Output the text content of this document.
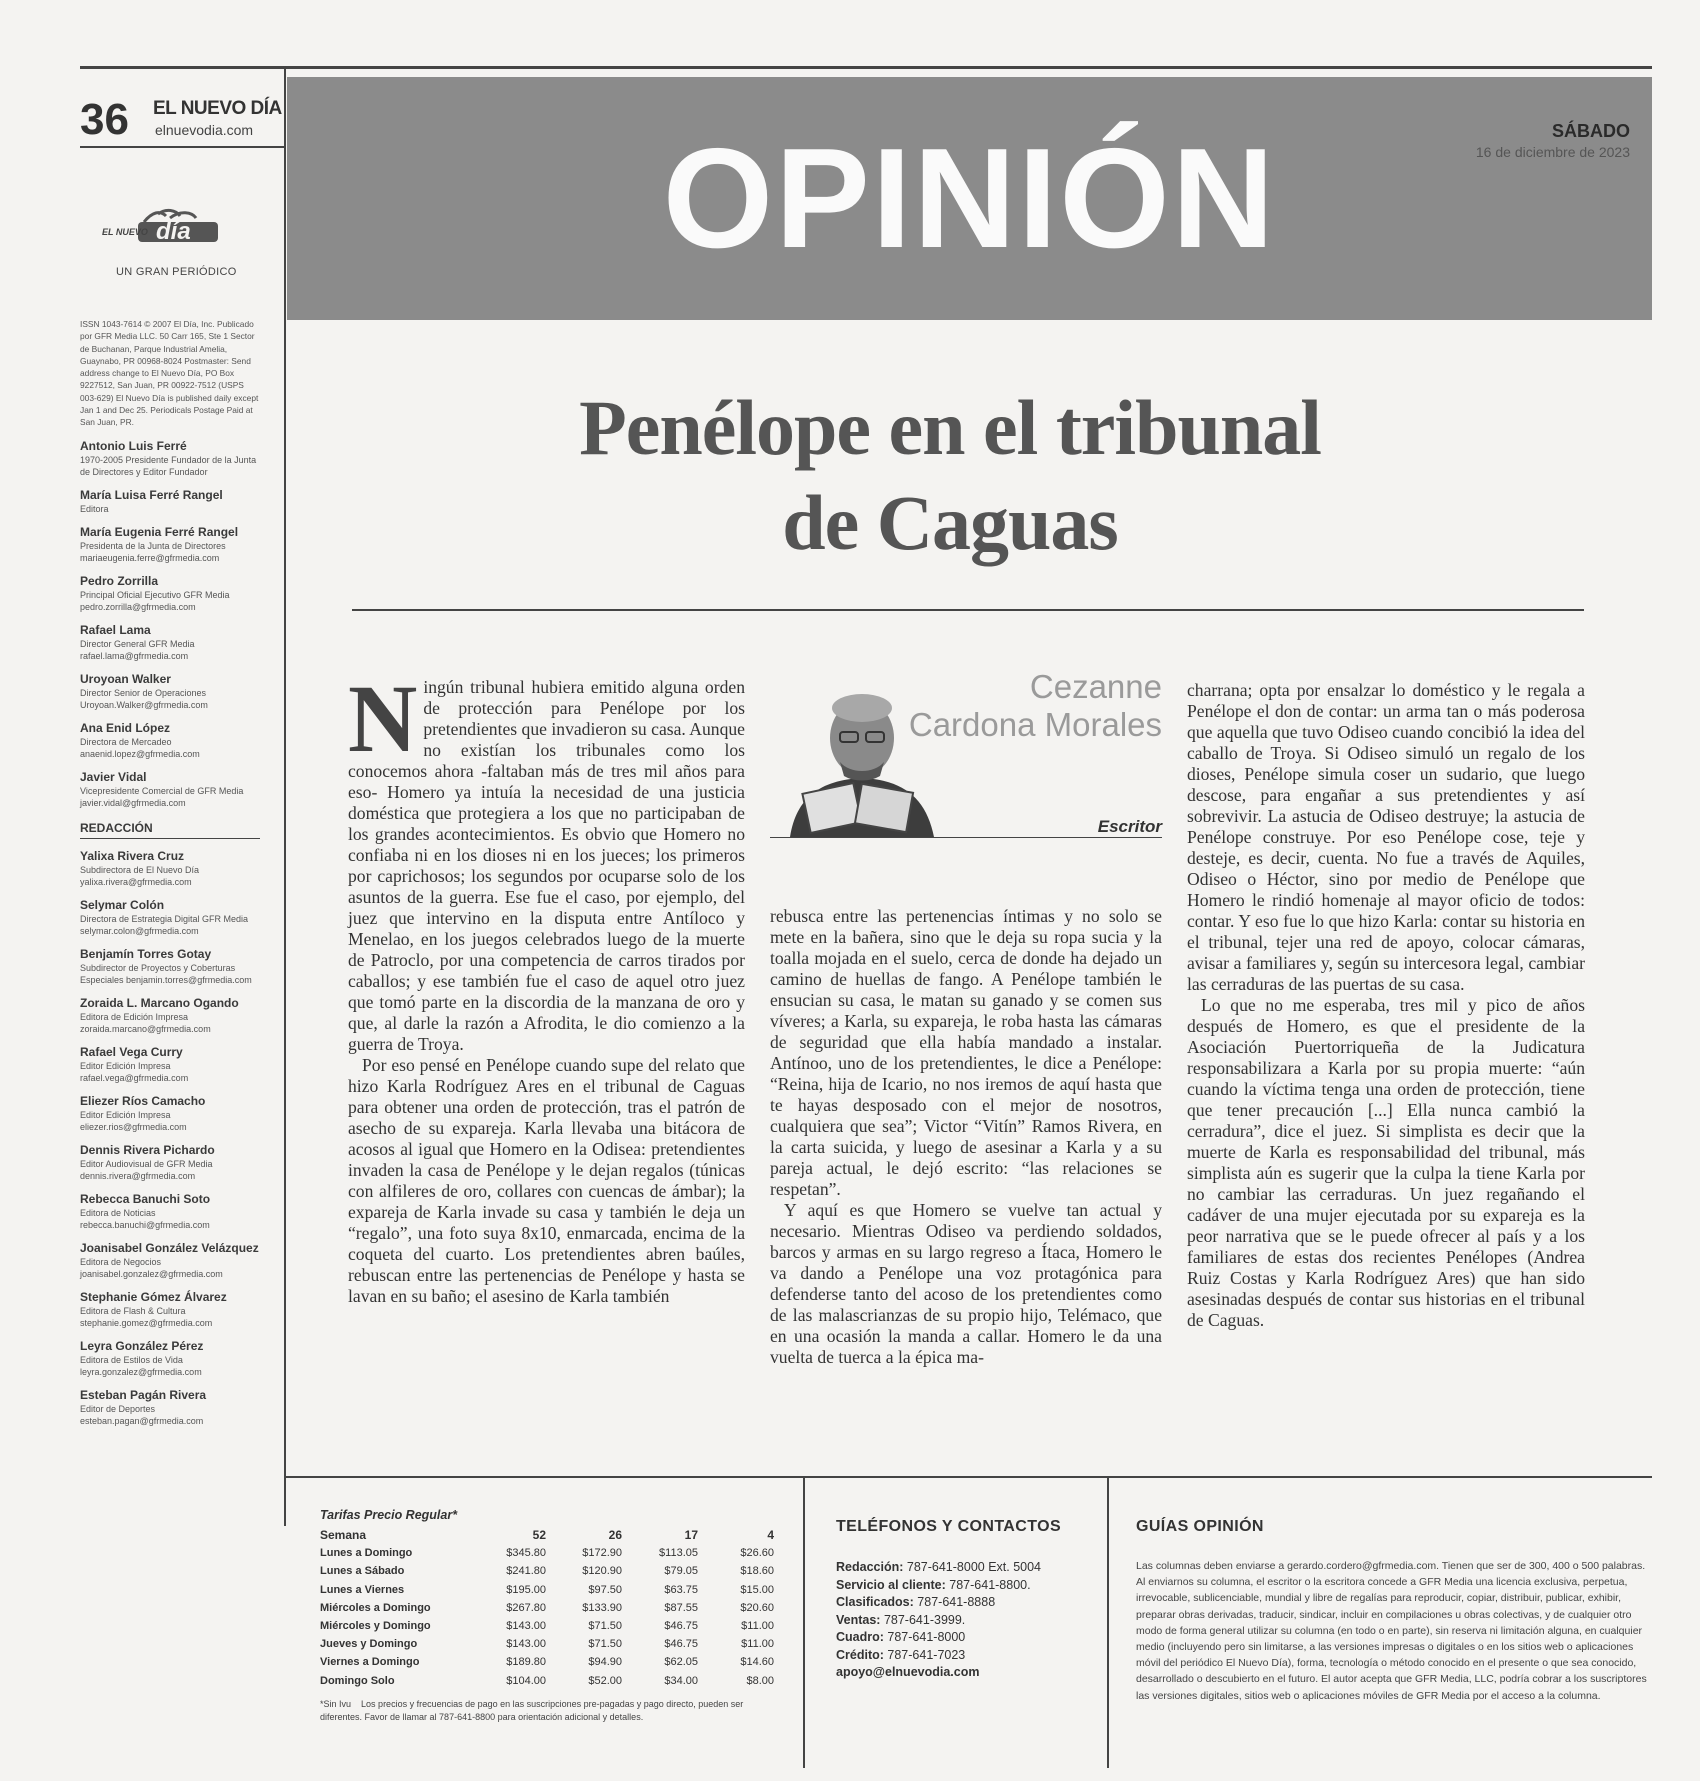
36 EL NUEVO DÍA
elnuevodia.com	OPINIÓN	SÁBADO
16 de diciembre de 2023
EL NUEVO día
UN GRAN PERIÓDICO
ISSN 1043-7614 © 2007 El Día, Inc. Publicado por GFR Media LLC. 50 Carr 165, Ste 1 Sector de Buchanan, Parque Industrial Amelia, Guaynabo, PR 00968-8024 Postmaster: Send address change to El Nuevo Día, PO Box 9227512, San Juan, PR 00922-7512 (USPS 003-629) El Nuevo Día is published daily except Jan 1 and Dec 25. Periodicals Postage Paid at San Juan, PR.
Antonio Luis Ferré
1970-2005 Presidente Fundador de la Junta de Directores y Editor Fundador
María Luisa Ferré Rangel
Editora
María Eugenia Ferré Rangel
Presidenta de la Junta de Directores mariaeugenia.ferre@gfrmedia.com
Pedro Zorrilla
Principal Oficial Ejecutivo GFR Media pedro.zorrilla@gfrmedia.com
Rafael Lama
Director General GFR Media rafael.lama@gfrmedia.com
Uroyoan Walker
Director Senior de Operaciones Uroyoan.Walker@gfrmedia.com
Ana Enid López
Directora de Mercadeo anaenid.lopez@gfrmedia.com
Javier Vidal
Vicepresidente Comercial de GFR Media javier.vidal@gfrmedia.com
REDACCIÓN
Yalixa Rivera Cruz
Subdirectora de El Nuevo Día yalixa.rivera@gfrmedia.com
Selymar Colón
Directora de Estrategia Digital GFR Media selymar.colon@gfrmedia.com
Benjamín Torres Gotay
Subdirector de Proyectos y Coberturas Especiales benjamin.torres@gfrmedia.com
Zoraida L. Marcano Ogando
Editora de Edición Impresa zoraida.marcano@gfrmedia.com
Rafael Vega Curry
Editor Edición Impresa rafael.vega@gfrmedia.com
Eliezer Ríos Camacho
Editor Edición Impresa eliezer.rios@gfrmedia.com
Dennis Rivera Pichardo
Editor Audiovisual de GFR Media dennis.rivera@gfrmedia.com
Rebecca Banuchi Soto
Editora de Noticias rebecca.banuchi@gfrmedia.com
Joanisabel González Velázquez
Editora de Negocios joanisabel.gonzalez@gfrmedia.com
Stephanie Gómez Álvarez
Editora de Flash & Cultura stephanie.gomez@gfrmedia.com
Leyra González Pérez
Editora de Estilos de Vida leyra.gonzalez@gfrmedia.com
Esteban Pagán Rivera
Editor de Deportes esteban.pagan@gfrmedia.com
Penélope en el tribunal
de Caguas
Cezanne
Cardona Morales
Escritor
N ingún tribunal hubiera emitido alguna orden de protección para Penélope por los pretendientes que invadieron su casa. Aunque no existían los tribunales como los conocemos ahora -faltaban más de tres mil años para eso- Homero ya intuía la necesidad de una justicia doméstica que protegiera a los que no participaban de los grandes acontecimientos. Es obvio que Homero no confiaba ni en los dioses ni en los jueces; los primeros por caprichosos; los segundos por ocuparse solo de los asuntos de la guerra. Ese fue el caso, por ejemplo, del juez que intervino en la disputa entre Antíloco y Menelao, en los juegos celebrados luego de la muerte de Patroclo, por una competencia de carros tirados por caballos; y ese también fue el caso de aquel otro juez que tomó parte en la discordia de la manzana de oro y que, al darle la razón a Afrodita, le dio comienzo a la guerra de Troya.

Por eso pensé en Penélope cuando supe del relato que hizo Karla Rodríguez Ares en el tribunal de Caguas para obtener una orden de protección, tras el patrón de asecho de su expareja. Karla llevaba una bitácora de acosos al igual que Homero en la Odisea: pretendientes invaden la casa de Penélope y le dejan regalos (túnicas con alfileres de oro, collares con cuencas de ámbar); la expareja de Karla invade su casa y también le deja un “regalo”, una foto suya 8x10, enmarcada, encima de la coqueta del cuarto. Los pretendientes abren baúles, rebuscan entre las pertenencias de Penélope y hasta se lavan en su baño; el asesino de Karla también

rebusca entre las pertenencias íntimas y no solo se mete en la bañera, sino que le deja su ropa sucia y la toalla mojada en el suelo, cerca de donde ha dejado un camino de huellas de fango. A Penélope también le ensucian su casa, le matan su ganado y se comen sus víveres; a Karla, su expareja, le roba hasta las cámaras de seguridad que ella había mandado a instalar. Antínoo, uno de los pretendientes, le dice a Penélope: “Reina, hija de Icario, no nos iremos de aquí hasta que te hayas desposado con el mejor de nosotros, cualquiera que sea”; Victor “Vitín” Ramos Rivera, en la carta suicida, y luego de asesinar a Karla y a su pareja actual, le dejó escrito: “las relaciones se respetan”.

Y aquí es que Homero se vuelve tan actual y necesario. Mientras Odiseo va perdiendo soldados, barcos y armas en su largo regreso a Ítaca, Homero le va dando a Penélope una voz protagónica para defenderse tanto del acoso de los pretendientes como de las malascrianzas de su propio hijo, Telémaco, que en una ocasión la manda a callar. Homero le da una vuelta de tuerca a la épica ma-

charrana; opta por ensalzar lo doméstico y le regala a Penélope el don de contar: un arma tan o más poderosa que aquella que tuvo Odiseo cuando concibió la idea del caballo de Troya. Si Odiseo simuló un regalo de los dioses, Penélope simula coser un sudario, que luego descose, para engañar a sus pretendientes y así sobrevivir. La astucia de Odiseo destruye; la astucia de Penélope construye. Por eso Penélope cose, teje y desteje, es decir, cuenta. No fue a través de Aquiles, Odiseo o Héctor, sino por medio de Penélope que Homero le rindió homenaje al mayor oficio de todos: contar. Y eso fue lo que hizo Karla: contar su historia en el tribunal, tejer una red de apoyo, colocar cámaras, avisar a familiares y, según su intercesora legal, cambiar las cerraduras de las puertas de su casa.

Lo que no me esperaba, tres mil y pico de años después de Homero, es que el presidente de la Asociación Puertorriqueña de la Judicatura responsabilizara a Karla por su propia muerte: “aún cuando la víctima tenga una orden de protección, tiene que tener precaución [...] Ella nunca cambió la cerradura”, dice el juez. Si simplista es decir que la muerte de Karla es responsabilidad del tribunal, más simplista aún es sugerir que la culpa la tiene Karla por no cambiar las cerraduras. Un juez regañando el cadáver de una mujer ejecutada por su expareja es la peor narrativa que se le puede ofrecer al país y a los familiares de estas dos recientes Penélopes (Andrea Ruiz Costas y Karla Rodríguez Ares) que han sido asesinadas después de contar sus historias en el tribunal de Caguas.

Tarifas Precio Regular*
Semana	52	26	17	4
Lunes a Domingo	$345.80	$172.90	$113.05	$26.60
Lunes a Sábado	$241.80	$120.90	$79.05	$18.60
Lunes a Viernes	$195.00	$97.50	$63.75	$15.00
Miércoles a Domingo	$267.80	$133.90	$87.55	$20.60
Miércoles y Domingo	$143.00	$71.50	$46.75	$11.00
Jueves y Domingo	$143.00	$71.50	$46.75	$11.00
Viernes a Domingo	$189.80	$94.90	$62.05	$14.60
Domingo Solo	$104.00	$52.00	$34.00	$8.00
*Sin Ivu Los precios y frecuencias de pago en las suscripciones pre-pagadas y pago directo, pueden ser diferentes. Favor de llamar al 787-641-8800 para orientación adicional y detalles.
TELÉFONOS Y CONTACTOS
Redacción: 787-641-8000 Ext. 5004
Servicio al cliente: 787-641-8800.
Clasificados: 787-641-8888
Ventas: 787-641-3999.
Cuadro: 787-641-8000
Crédito: 787-641-7023
apoyo@elnuevodia.com
GUÍAS OPINIÓN
Las columnas deben enviarse a gerardo.cordero@gfrmedia.com. Tienen que ser de 300, 400 o 500 palabras. Al enviarnos su columna, el escritor o la escritora concede a GFR Media una licencia exclusiva, perpetua, irrevocable, sublicenciable, mundial y libre de regalías para reproducir, copiar, distribuir, publicar, exhibir, preparar obras derivadas, traducir, sindicar, incluir en compilaciones u obras colectivas, y de cualquier otro modo de forma general utilizar su columna (en todo o en parte), sin reserva ni limitación alguna, en cualquier medio (incluyendo pero sin limitarse, a las versiones impresas o digitales o en los sitios web o aplicaciones móvil del periódico El Nuevo Día), forma, tecnología o método conocido en el presente o que sea conocido, desarrollado o descubierto en el futuro. El autor acepta que GFR Media, LLC, podría cobrar a los suscriptores las versiones digitales, sitios web o aplicaciones móviles de GFR Media por el acceso a la columna.
